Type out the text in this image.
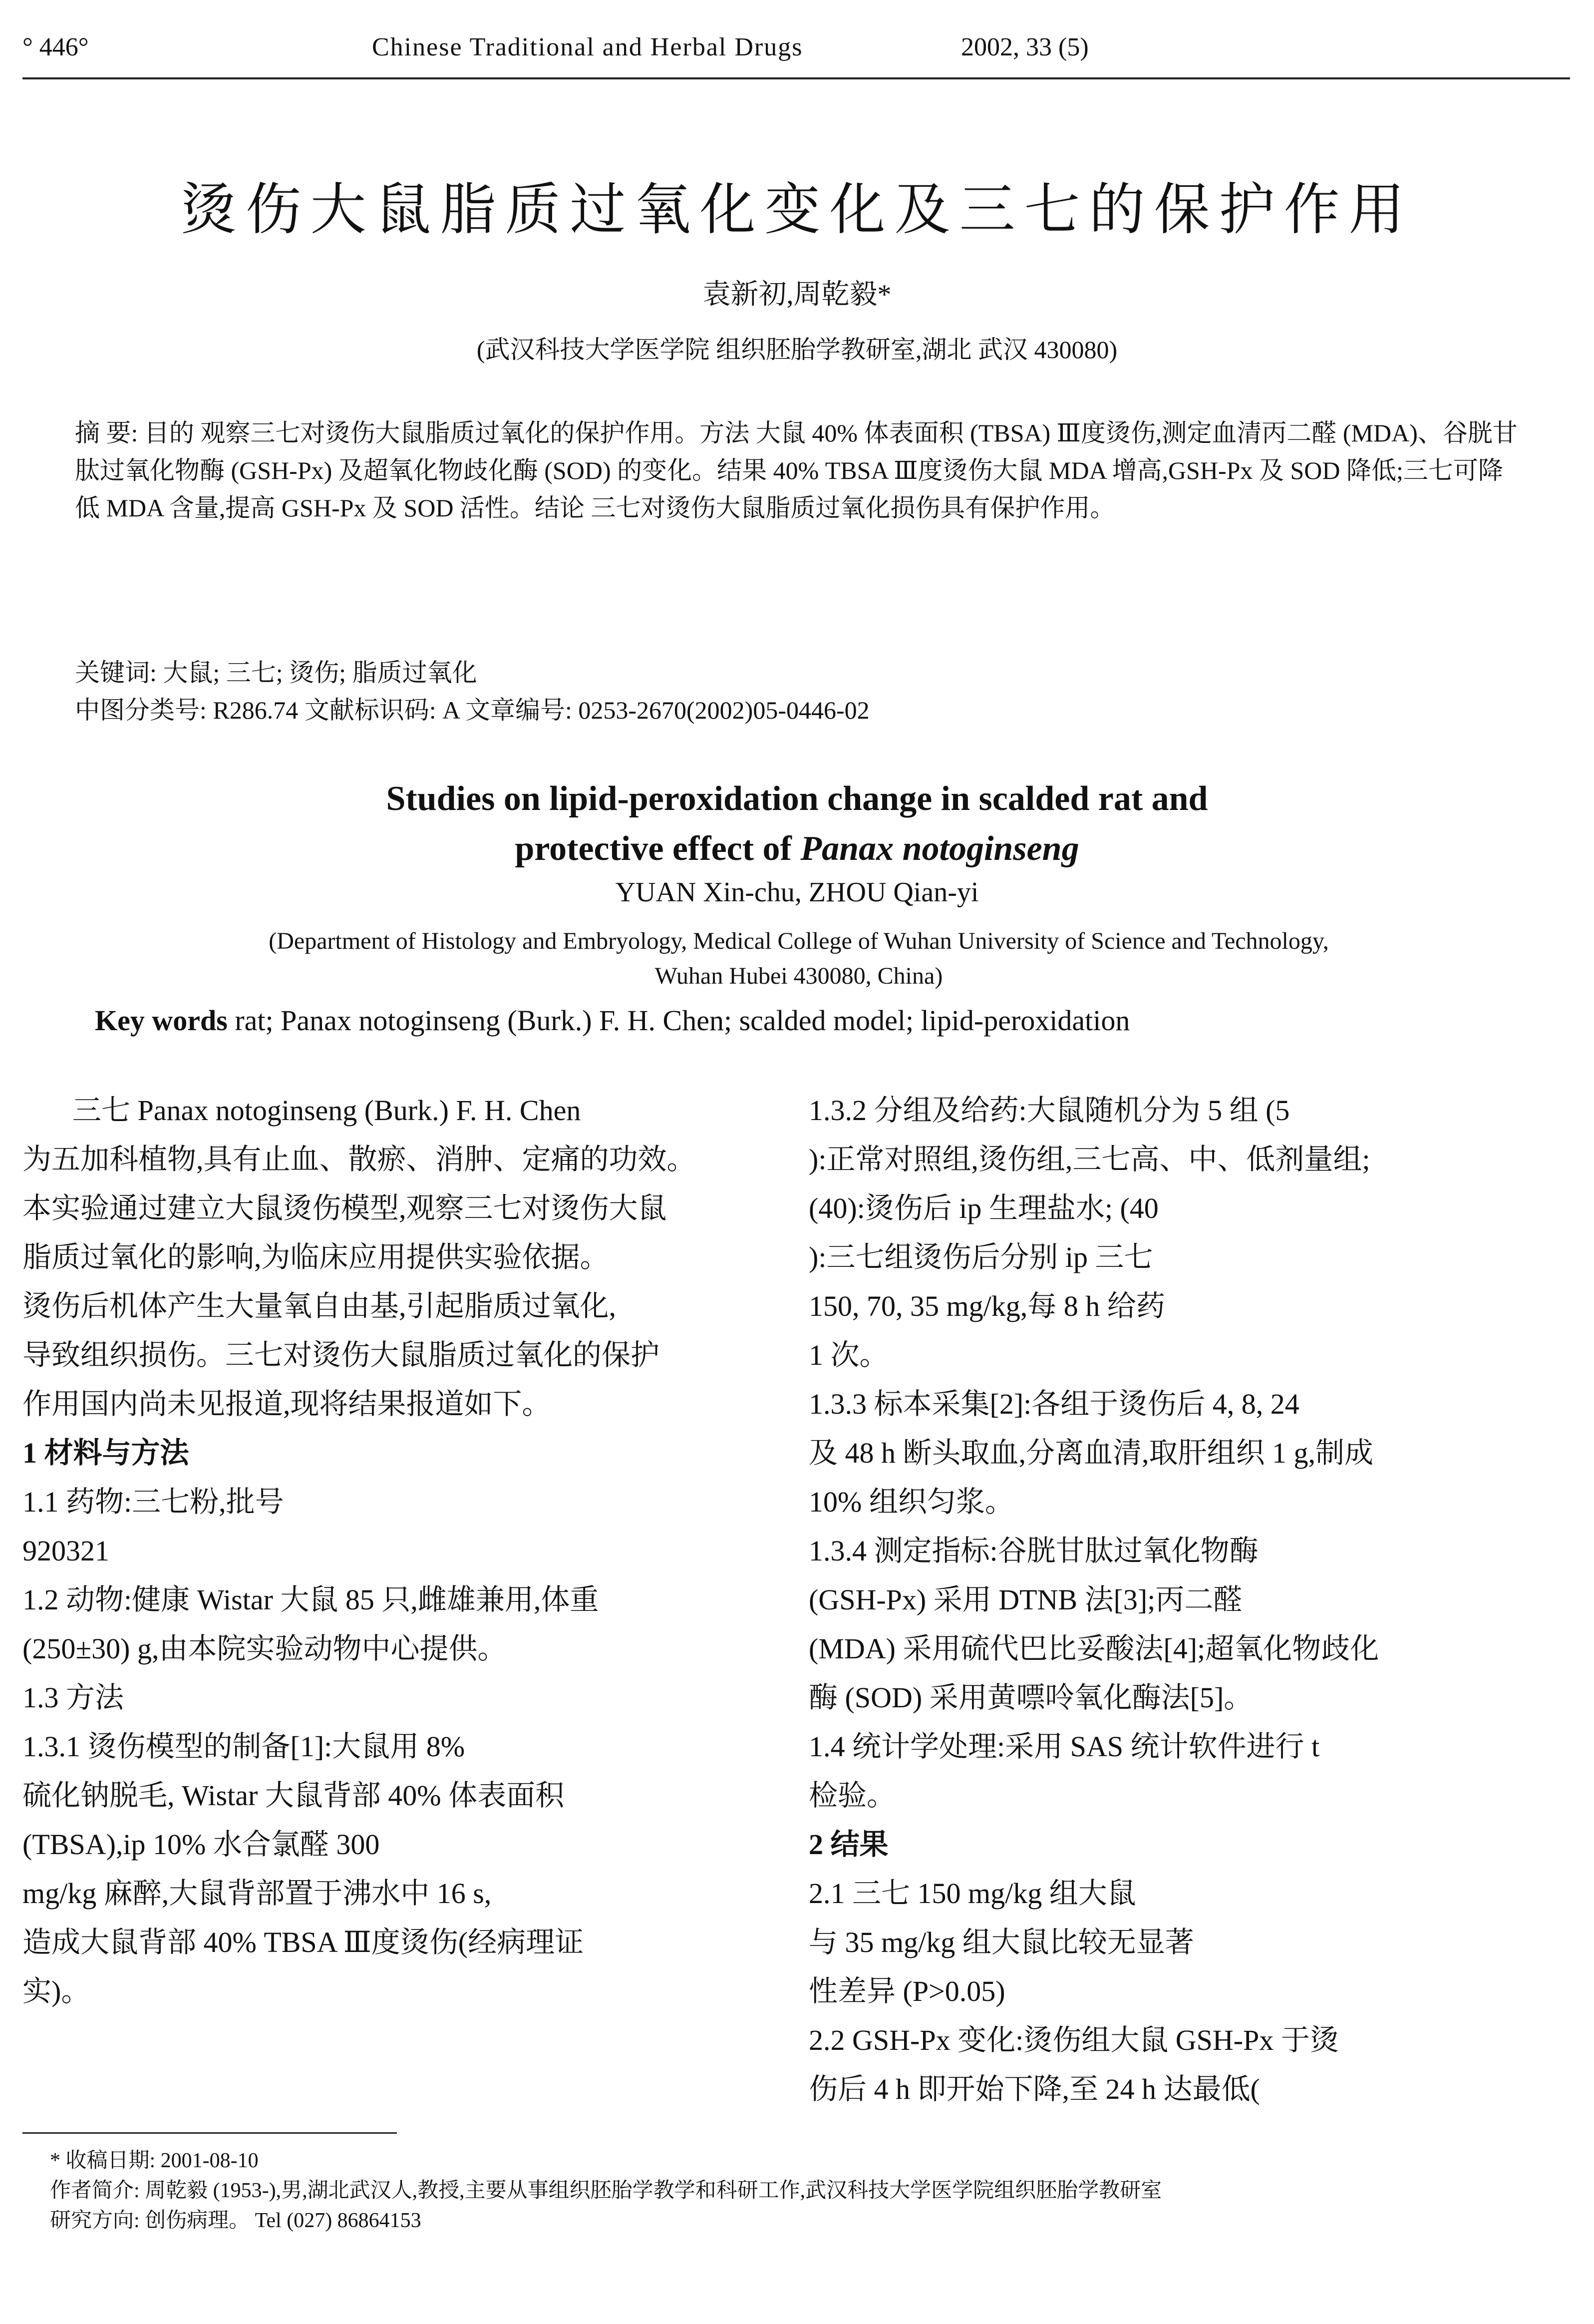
° 446°	Chinese Traditional and Herbal Drugs	2002, 33 (5)
烫伤大鼠脂质过氧化变化及三七的保护作用
袁新初,周乾毅*
(武汉科技大学医学院 组织胚胎学教研室,湖北 武汉 430080)
摘 要: 目的 观察三七对烫伤大鼠脂质过氧化的保护作用。方法 大鼠 40% 体表面积 (TBSA) Ⅲ度烫伤,测定血清丙二醛 (MDA)、谷胱甘肽过氧化物酶 (GSH-Px) 及超氧化物歧化酶 (SOD) 的变化。结果 40% TBSA Ⅲ度烫伤大鼠 MDA 增高,GSH-Px 及 SOD 降低;三七可降低 MDA 含量,提高 GSH-Px 及 SOD 活性。结论 三七对烫伤大鼠脂质过氧化损伤具有保护作用。
关键词: 大鼠; 三七; 烫伤; 脂质过氧化
中图分类号: R286.74 文献标识码: A 文章编号: 0253-2670(2002)05-0446-02
Studies on lipid-peroxidation change in scalded rat and
protective effect of Panax notoginseng
YUAN Xin-chu, ZHOU Qian-yi
(Department of Histology and Embryology, Medical College of Wuhan University of Science and Technology,
Wuhan Hubei 430080, China)
Key words rat; Panax notoginseng (Burk.) F. H. Chen; scalded model; lipid-peroxidation

三七 Panax notoginseng (Burk.) F. H. Chen

为五加科植物,具有止血、散瘀、消肿、定痛的功效。

本实验通过建立大鼠烫伤模型,观察三七对烫伤大鼠

脂质过氧化的影响,为临床应用提供实验依据。

烫伤后机体产生大量氧自由基,引起脂质过氧化,

导致组织损伤。三七对烫伤大鼠脂质过氧化的保护

作用国内尚未见报道,现将结果报道如下。

1 材料与方法

1.1 药物:三七粉,批号

920321

1.2 动物:健康 Wistar 大鼠 85 只,雌雄兼用,体重

(250±30) g,由本院实验动物中心提供。

1.3 方法

1.3.1 烫伤模型的制备[1]:大鼠用 8%

硫化钠脱毛, Wistar 大鼠背部 40% 体表面积

(TBSA),ip 10% 水合氯醛 300

mg/kg 麻醉,大鼠背部置于沸水中 16 s,

造成大鼠背部 40% TBSA Ⅲ度烫伤(经病理证

实)。

1.3.2 分组及给药:大鼠随机分为 5 组 (5

):正常对照组,烫伤组,三七高、中、低剂量组;

(40):烫伤后 ip 生理盐水; (40

):三七组烫伤后分别 ip 三七

150, 70, 35 mg/kg,每 8 h 给药

1 次。

1.3.3 标本采集[2]:各组于烫伤后 4, 8, 24

及 48 h 断头取血,分离血清,取肝组织 1 g,制成

10% 组织匀浆。

1.3.4 测定指标:谷胱甘肽过氧化物酶

(GSH-Px) 采用 DTNB 法[3];丙二醛

(MDA) 采用硫代巴比妥酸法[4];超氧化物歧化

酶 (SOD) 采用黄嘌呤氧化酶法[5]。

1.4 统计学处理:采用 SAS 统计软件进行 t

检验。

2 结果

2.1 三七 150 mg/kg 组大鼠

与 35 mg/kg 组大鼠比较无显著

性差异 (P>0.05)

2.2 GSH-Px 变化:烫伤组大鼠 GSH-Px 于烫

伤后 4 h 即开始下降,至 24 h 达最低(

* 收稿日期: 2001-08-10
作者简介: 周乾毅 (1953-),男,湖北武汉人,教授,主要从事组织胚胎学教学和科研工作,武汉科技大学医学院组织胚胎学教研室
研究方向: 创伤病理。 Tel (027) 86864153
